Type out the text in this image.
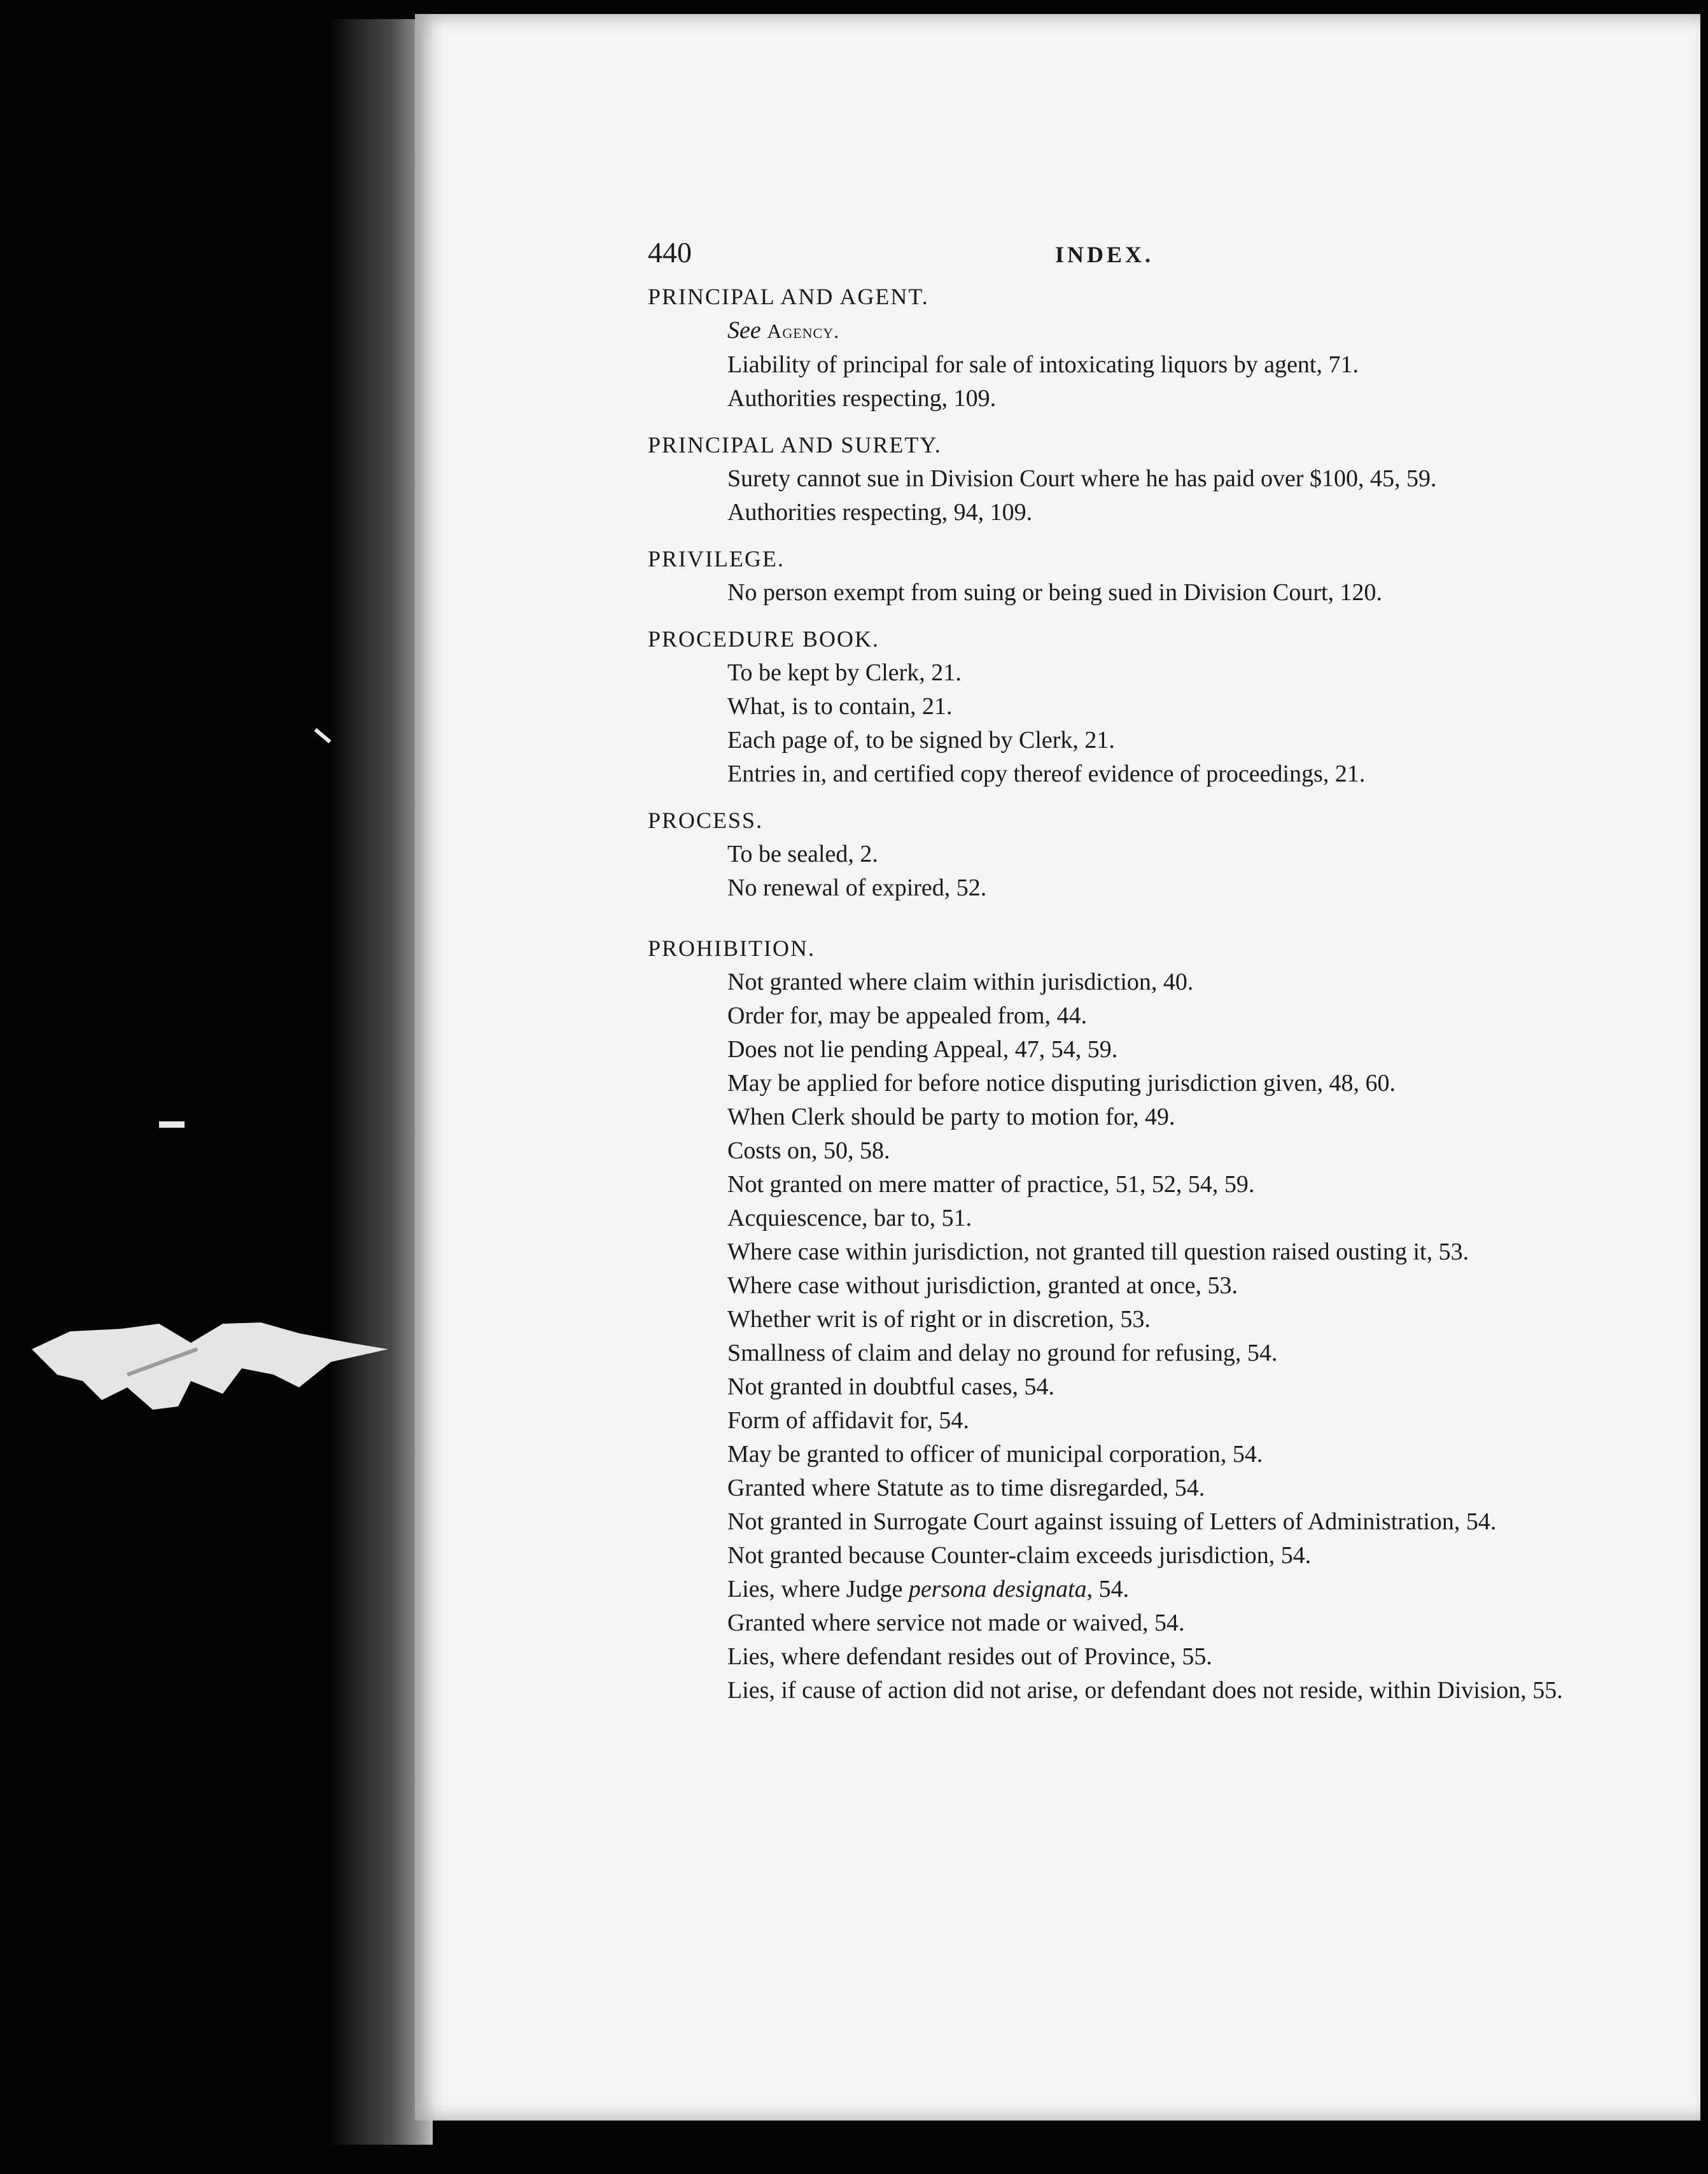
440	INDEX.
PRINCIPAL AND AGENT.
See Agency.
Liability of principal for sale of intoxicating liquors by agent, 71.
Authorities respecting, 109.
PRINCIPAL AND SURETY.
Surety cannot sue in Division Court where he has paid over $100, 45, 59.
Authorities respecting, 94, 109.
PRIVILEGE.
No person exempt from suing or being sued in Division Court, 120.
PROCEDURE BOOK.
To be kept by Clerk, 21.
What, is to contain, 21.
Each page of, to be signed by Clerk, 21.
Entries in, and certified copy thereof evidence of proceedings, 21.
PROCESS.
To be sealed, 2.
No renewal of expired, 52.
PROHIBITION.
Not granted where claim within jurisdiction, 40.
Order for, may be appealed from, 44.
Does not lie pending Appeal, 47, 54, 59.
May be applied for before notice disputing jurisdiction given, 48, 60.
When Clerk should be party to motion for, 49.
Costs on, 50, 58.
Not granted on mere matter of practice, 51, 52, 54, 59.
Acquiescence, bar to, 51.
Where case within jurisdiction, not granted till question raised ousting it, 53.
Where case without jurisdiction, granted at once, 53.
Whether writ is of right or in discretion, 53.
Smallness of claim and delay no ground for refusing, 54.
Not granted in doubtful cases, 54.
Form of affidavit for, 54.
May be granted to officer of municipal corporation, 54.
Granted where Statute as to time disregarded, 54.
Not granted in Surrogate Court against issuing of Letters of Administration, 54.
Not granted because Counter-claim exceeds jurisdiction, 54.
Lies, where Judge persona designata, 54.
Granted where service not made or waived, 54.
Lies, where defendant resides out of Province, 55.
Lies, if cause of action did not arise, or defendant does not reside, within Division, 55.
